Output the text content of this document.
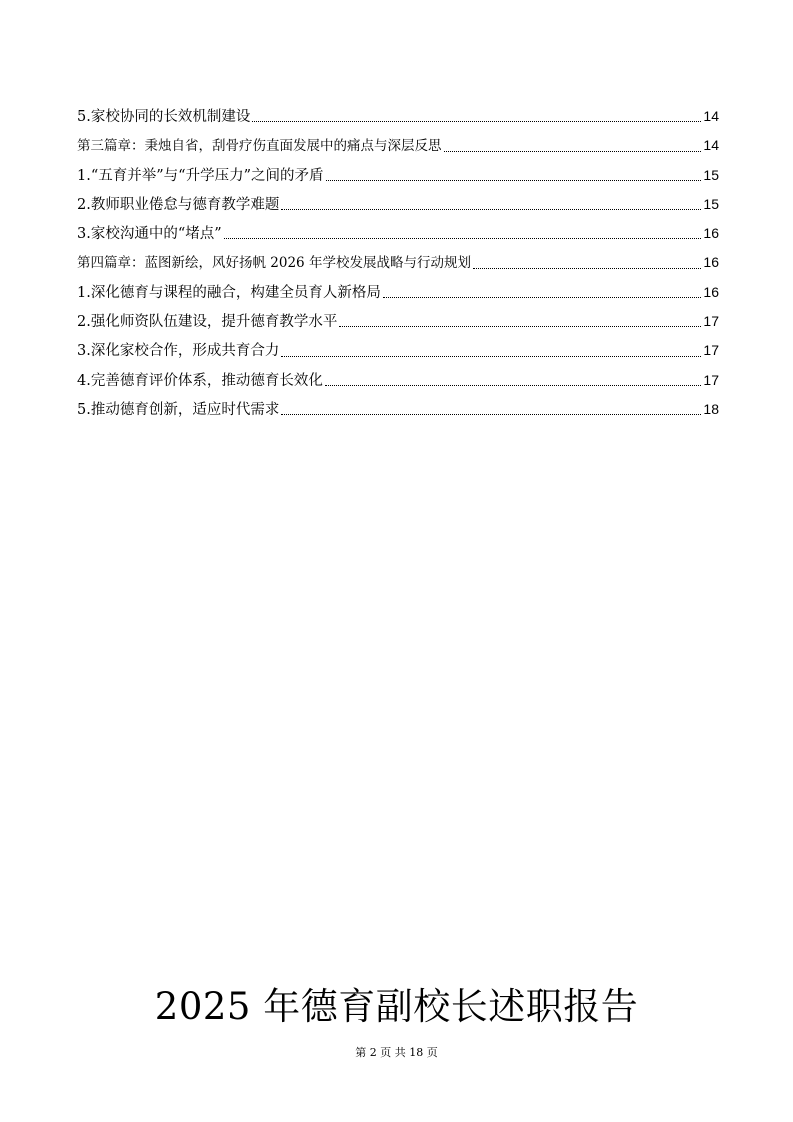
5.家校协同的长效机制建设	14
第三篇章：秉烛自省，刮骨疗伤直面发展中的痛点与深层反思	14
1.“五育并举”与“升学压力”之间的矛盾	15
2.教师职业倦怠与德育教学难题	15
3.家校沟通中的“堵点”	16
第四篇章：蓝图新绘，风好扬帆 2026 年学校发展战略与行动规划	16
1.深化德育与课程的融合，构建全员育人新格局	16
2.强化师资队伍建设，提升德育教学水平	17
3.深化家校合作，形成共育合力	17
4.完善德育评价体系，推动德育长效化	17
5.推动德育创新，适应时代需求	18
2025 年德育副校长述职报告
第 2 页 共 18 页
